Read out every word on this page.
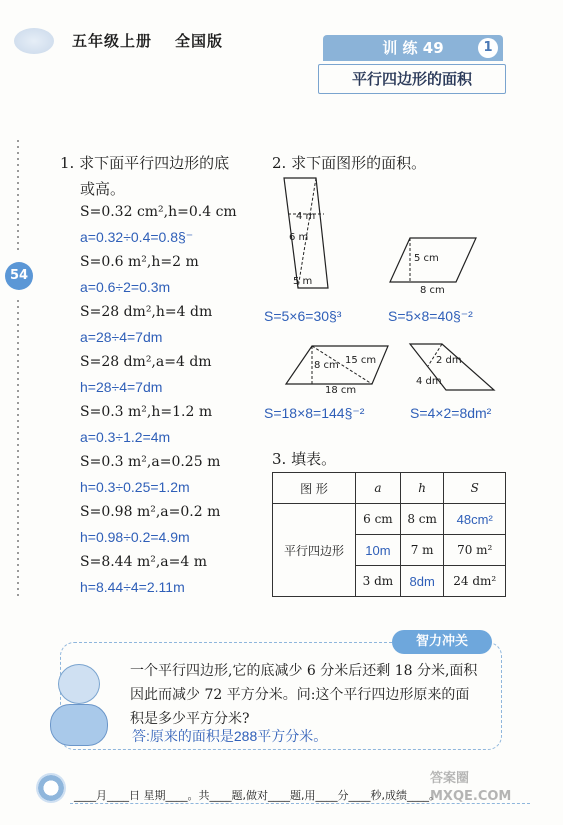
五年级上册 全国版	训 练 49	1
平行四边形的面积
54
1. 求下面平行四边形的底
或高。
S=0.32 cm²,h=0.4 cm
a=0.32÷0.4=0.8§⁻
S=0.6 m²,h=2 m
a=0.6÷2=0.3m
S=28 dm²,h=4 dm
a=28÷4=7dm
S=28 dm²,a=4 dm
h=28÷4=7dm
S=0.3 m²,h=1.2 m
a=0.3÷1.2=4m
S=0.3 m²,a=0.25 m
h=0.3÷0.25=1.2m
S=0.98 m²,a=0.2 m
h=0.98÷0.2=4.9m
S=8.44 m²,a=4 m
h=8.44÷4=2.11m
2. 求下面图形的面积。
4 m
6 m
5 m
5 cm
8 cm
15 cm
8 cm
18 cm
2 dm
4 dm
S=5×6=30§³	S=5×8=40§⁻²
S=18×8=144§⁻²	S=4×2=8dm²
3. 填表。
图 形	a	h	S
平行四边形	6 cm	8 cm	48cm²
	10m	7 m	70 m²
	3 dm	8dm	24 dm²
智力冲关
一个平行四边形,它的底减少 6 分米后还剩 18 分米,面积
因此而减少 72 平方分米。问:这个平行四边形原来的面
积是多少平方分米?
答:原来的面积是288平方分米。
____月____日 星期____。共____题,做对____题,用____分____秒,成绩____。
答案圈 MXQE.COM
